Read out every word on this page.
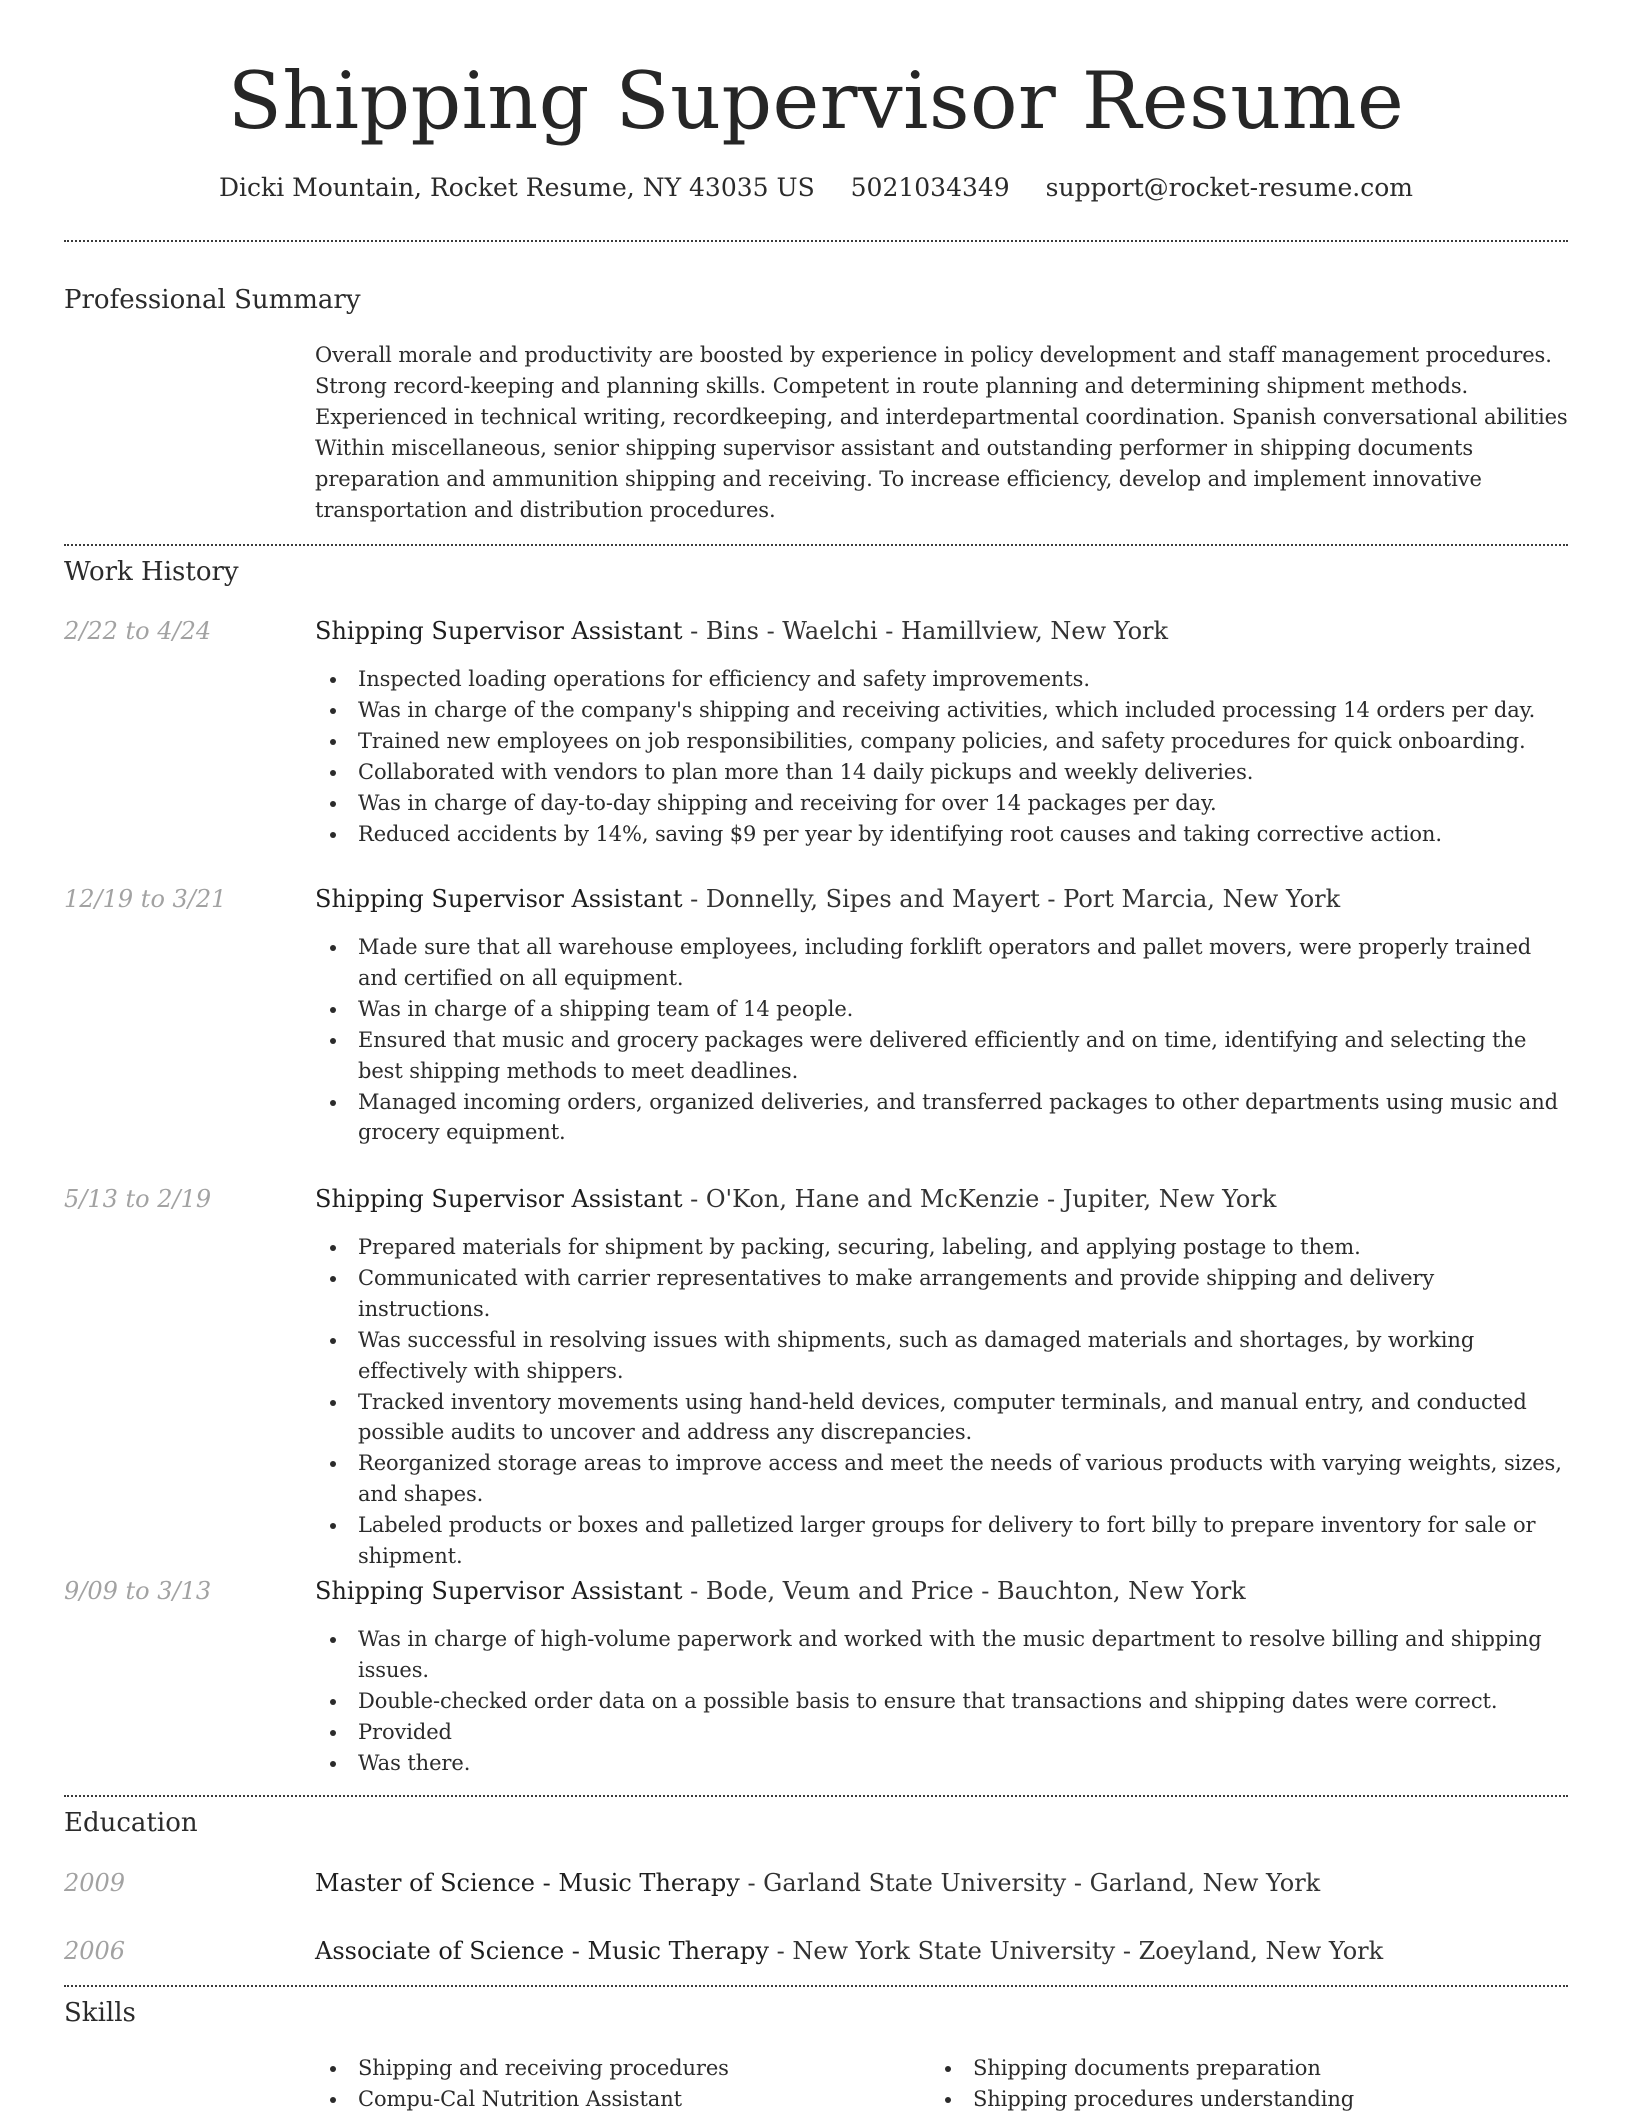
Shipping Supervisor Resume
Dicki Mountain, Rocket Resume, NY 43035 US 5021034349 support@rocket-resume.com
Professional Summary

Overall morale and productivity are boosted by experience in policy development and staff management procedures. Strong record-keeping and planning skills. Competent in route planning and determining shipment methods. Experienced in technical writing, recordkeeping, and interdepartmental coordination. Spanish conversational abilities Within miscellaneous, senior shipping supervisor assistant and outstanding performer in shipping documents preparation and ammunition shipping and receiving. To increase efficiency, develop and implement innovative transportation and distribution procedures.

Work History
2/22 to 4/24	Shipping Supervisor Assistant - Bins - Waelchi - Hamillview, New York
Inspected loading operations for efficiency and safety improvements.
Was in charge of the company's shipping and receiving activities, which included processing 14 orders per day.
Trained new employees on job responsibilities, company policies, and safety procedures for quick onboarding.
Collaborated with vendors to plan more than 14 daily pickups and weekly deliveries.
Was in charge of day-to-day shipping and receiving for over 14 packages per day.
Reduced accidents by 14%, saving $9 per year by identifying root causes and taking corrective action.
12/19 to 3/21	Shipping Supervisor Assistant - Donnelly, Sipes and Mayert - Port Marcia, New York
Made sure that all warehouse employees, including forklift operators and pallet movers, were properly trained and certified on all equipment.
Was in charge of a shipping team of 14 people.
Ensured that music and grocery packages were delivered efficiently and on time, identifying and selecting the best shipping methods to meet deadlines.
Managed incoming orders, organized deliveries, and transferred packages to other departments using music and grocery equipment.
5/13 to 2/19	Shipping Supervisor Assistant - O'Kon, Hane and McKenzie - Jupiter, New York
Prepared materials for shipment by packing, securing, labeling, and applying postage to them.
Communicated with carrier representatives to make arrangements and provide shipping and delivery instructions.
Was successful in resolving issues with shipments, such as damaged materials and shortages, by working effectively with shippers.
Tracked inventory movements using hand-held devices, computer terminals, and manual entry, and conducted possible audits to uncover and address any discrepancies.
Reorganized storage areas to improve access and meet the needs of various products with varying weights, sizes, and shapes.
Labeled products or boxes and palletized larger groups for delivery to fort billy to prepare inventory for sale or shipment.
9/09 to 3/13	Shipping Supervisor Assistant - Bode, Veum and Price - Bauchton, New York
Was in charge of high-volume paperwork and worked with the music department to resolve billing and shipping issues.
Double-checked order data on a possible basis to ensure that transactions and shipping dates were correct.
Provided
Was there.
Education
2009	Master of Science - Music Therapy - Garland State University - Garland, New York
2006	Associate of Science - Music Therapy - New York State University - Zoeyland, New York
Skills
Shipping and receiving procedures
Compu-Cal Nutrition Assistant
Shipping documents preparation
Shipping procedures understanding
